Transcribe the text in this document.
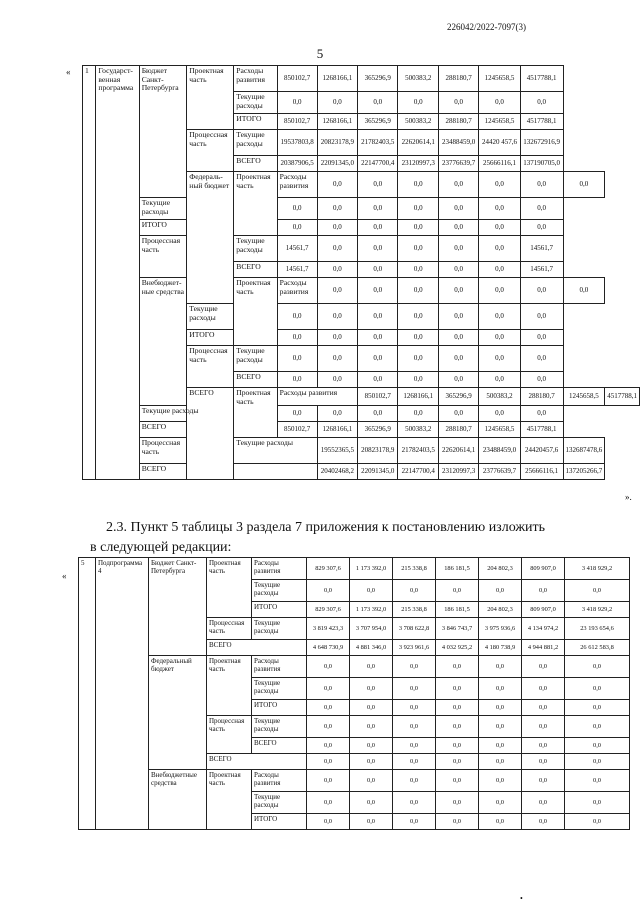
226042/2022-7097(3)
5
« 1	Государст-венная программа	Бюджет Санкт-Петербурга	Проектная часть	Расходы развития	850102,7	1268166,1	365296,9	500383,2	288180,7	1245658,5	4517788,1		
				Текущие расходы	0,0	0,0	0,0	0,0	0,0	0,0	0,0		
				ИТОГО	850102,7	1268166,1	365296,9	500383,2	288180,7	1245658,5	4517788,1		
			Процессная часть	Текущие расходы	19537803,8	20823178,9	21782403,5	22620614,1	23488459,0	24420 457,6	132672916,9		
				ВСЕГО	20387906,5	22091345,0	22147700,4	23120997,3	23776639,7	25666116,1	137190705,0		
			Федераль-ный бюджет	Проектная часть	Расходы развития	0,0	0,0	0,0	0,0	0,0	0,0	0,0	
		Текущие расходы			0,0	0,0	0,0	0,0	0,0	0,0	0,0		
		ИТОГО			0,0	0,0	0,0	0,0	0,0	0,0	0,0		
		Процессная часть		Текущие расходы	14561,7	0,0	0,0	0,0	0,0	0,0	14561,7		
				ВСЕГО	14561,7	0,0	0,0	0,0	0,0	0,0	14561,7		
		Внебюджет-ные средства		Проектная часть	Расходы развития	0,0	0,0	0,0	0,0	0,0	0,0	0,0	
			Текущие расходы		0,0	0,0	0,0	0,0	0,0	0,0	0,0		
			ИТОГО		0,0	0,0	0,0	0,0	0,0	0,0	0,0		
			Процессная часть	Текущие расходы	0,0	0,0	0,0	0,0	0,0	0,0	0,0		
				ВСЕГО	0,0	0,0	0,0	0,0	0,0	0,0	0,0		
			ВСЕГО	Проектная часть	Расходы развития		850102,7	1268166,1	365296,9	500383,2	288180,7	1245658,5	4517788,1
		Текущие расходы			0,0	0,0	0,0	0,0	0,0	0,0	0,0		
		ВСЕГО			850102,7	1268166,1	365296,9	500383,2	288180,7	1245658,5	4517788,1		
		Процессная часть		Текущие расходы		19552365,5	20823178,9	21782403,5	22620614,1	23488459,0	24420457,6	132687478,6	
		ВСЕГО				20402468,2	22091345,0	22147700,4	23120997,3	23776639,7	25666116,1	137205266,7	
».
2.3. Пункт 5 таблицы 3 раздела 7 приложения к постановлению изложить
в следующей редакции:
«
5	Подпрограмма 4	Бюджет Санкт-Петербурга	Проектная часть	Расходы развития	829 307,6	1 173 392,0	215 338,8	186 181,5	204 802,3	809 907,0	3 418 929,2
				Текущие расходы	0,0	0,0	0,0	0,0	0,0	0,0	0,0
				ИТОГО	829 307,6	1 173 392,0	215 338,8	186 181,5	204 802,3	809 907,0	3 418 929,2
			Процессная часть	Текущие расходы	3 819 423,3	3 707 954,0	3 708 622,8	3 846 743,7	3 975 936,6	4 134 974,2	23 193 654,6
			ВСЕГО		4 648 730,9	4 881 346,0	3 923 961,6	4 032 925,2	4 180 738,9	4 944 881,2	26 612 583,8
		Федеральный бюджет	Проектная часть	Расходы развития	0,0	0,0	0,0	0,0	0,0	0,0	0,0
				Текущие расходы	0,0	0,0	0,0	0,0	0,0	0,0	0,0
				ИТОГО	0,0	0,0	0,0	0,0	0,0	0,0	0,0
			Процессная часть	Текущие расходы	0,0	0,0	0,0	0,0	0,0	0,0	0,0
				ВСЕГО	0,0	0,0	0,0	0,0	0,0	0,0	0,0
			ВСЕГО		0,0	0,0	0,0	0,0	0,0	0,0	0,0
		Внебюджетные средства	Проектная часть	Расходы развития	0,0	0,0	0,0	0,0	0,0	0,0	0,0
				Текущие расходы	0,0	0,0	0,0	0,0	0,0	0,0	0,0
				ИТОГО	0,0	0,0	0,0	0,0	0,0	0,0	0,0
•
